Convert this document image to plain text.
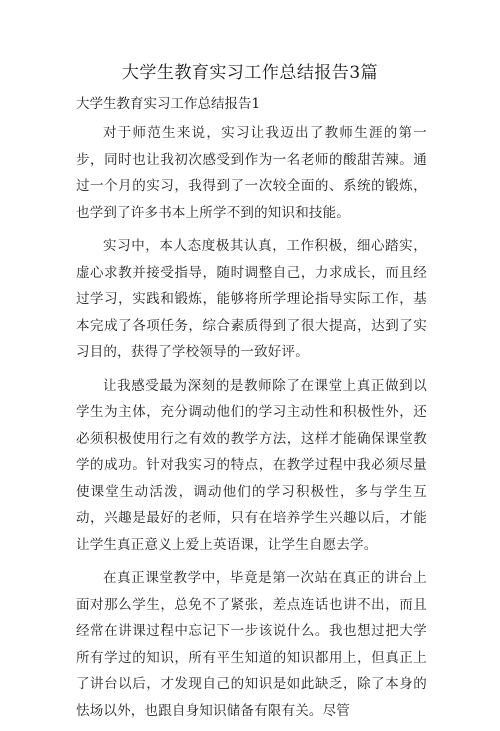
大学生教育实习工作总结报告3篇
大学生教育实习工作总结报告1

对于师范生来说，实习让我迈出了教师生涯的第一步，同时也让我初次感受到作为一名老师的酸甜苦辣。通过一个月的实习，我得到了一次较全面的、系统的锻炼，也学到了许多书本上所学不到的知识和技能。

实习中，本人态度极其认真，工作积极，细心踏实，虚心求教并接受指导，随时调整自己，力求成长，而且经过学习，实践和锻炼，能够将所学理论指导实际工作，基本完成了各项任务，综合素质得到了很大提高，达到了实习目的，获得了学校领导的一致好评。

让我感受最为深刻的是教师除了在课堂上真正做到以学生为主体，充分调动他们的学习主动性和积极性外，还必须积极使用行之有效的教学方法，这样才能确保课堂教学的成功。针对我实习的特点，在教学过程中我必须尽量使课堂生动活泼，调动他们的学习积极性，多与学生互动，兴趣是最好的老师，只有在培养学生兴趣以后，才能让学生真正意义上爱上英语课，让学生自愿去学。

在真正课堂教学中，毕竟是第一次站在真正的讲台上面对那么学生，总免不了紧张，差点连话也讲不出，而且经常在讲课过程中忘记下一步该说什么。我也想过把大学所有学过的知识，所有平生知道的知识都用上，但真正上了讲台以后，才发现自己的知识是如此缺乏，除了本身的怯场以外，也跟自身知识储备有限有关。尽管
